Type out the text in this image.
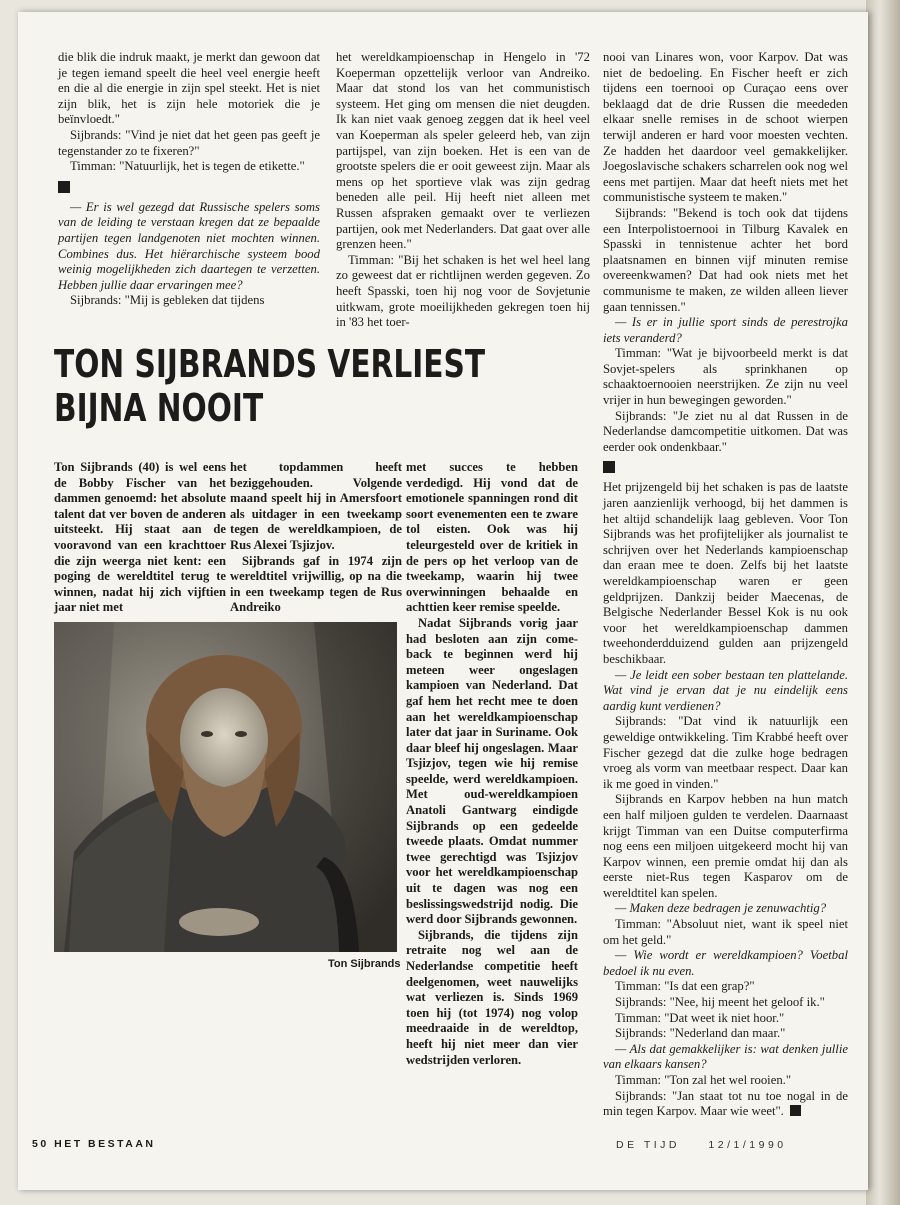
die blik die indruk maakt, je merkt dan gewoon dat je tegen iemand speelt die heel veel energie heeft en die al die energie in zijn spel steekt. Het is niet zijn blik, het is zijn hele motoriek die je beïnvloedt."

Sijbrands: "Vind je niet dat het geen pas geeft je tegenstander zo te fixeren?"

Timman: "Natuurlijk, het is tegen de etikette."

— Er is wel gezegd dat Russische spelers soms van de leiding te verstaan kregen dat ze bepaalde partijen tegen landgenoten niet mochten winnen. Combines dus. Het hiërarchische systeem bood weinig mogelijkheden zich daartegen te verzetten. Hebben jullie daar ervaringen mee?

Sijbrands: "Mij is gebleken dat tijdens

het wereldkampioenschap in Hengelo in '72 Koeperman opzettelijk verloor van Andreiko. Maar dat stond los van het communistisch systeem. Het ging om mensen die niet deugden. Ik kan niet vaak genoeg zeggen dat ik heel veel van Koeperman als speler geleerd heb, van zijn partijspel, van zijn boeken. Het is een van de grootste spelers die er ooit geweest zijn. Maar als mens op het sportieve vlak was zijn gedrag beneden alle peil. Hij heeft niet alleen met Russen afspraken gemaakt over te verliezen partijen, ook met Nederlanders. Dat gaat over alle grenzen heen."

Timman: "Bij het schaken is het wel heel lang zo geweest dat er richtlijnen werden gegeven. Zo heeft Spasski, toen hij nog voor de Sovjetunie uitkwam, grote moeilijkheden gekregen toen hij in '83 het toer-

nooi van Linares won, voor Karpov. Dat was niet de bedoeling. En Fischer heeft er zich tijdens een toernooi op Curaçao eens over beklaagd dat de drie Russen die meededen elkaar snelle remises in de schoot wierpen terwijl anderen er hard voor moesten vechten. Ze hadden het daardoor veel gemakkelijker. Joegoslavische schakers scharrelen ook nog wel eens met partijen. Maar dat heeft niets met het communistische systeem te maken."

Sijbrands: "Bekend is toch ook dat tijdens een Interpolistoernooi in Tilburg Kavalek en Spasski in tennistenue achter het bord plaatsnamen en binnen vijf minuten remise overeenkwamen? Dat had ook niets met het communisme te maken, ze wilden alleen liever gaan tennissen."

— Is er in jullie sport sinds de perestrojka iets veranderd?

Timman: "Wat je bijvoorbeeld merkt is dat Sovjet-spelers als sprinkhanen op schaaktoernooien neerstrijken. Ze zijn nu veel vrijer in hun bewegingen geworden."

Sijbrands: "Je ziet nu al dat Russen in de Nederlandse damcompetitie uitkomen. Dat was eerder ook ondenkbaar."

Het prijzengeld bij het schaken is pas de laatste jaren aanzienlijk verhoogd, bij het dammen is het altijd schandelijk laag gebleven. Voor Ton Sijbrands was het profijtelijker als journalist te schrijven over het Nederlands kampioenschap dan eraan mee te doen. Zelfs bij het laatste wereldkampioenschap waren er geen geldprijzen. Dankzij beider Maecenas, de Belgische Nederlander Bessel Kok is nu ook voor het wereldkampioenschap dammen tweehonderdduizend gulden aan prijzengeld beschikbaar.

— Je leidt een sober bestaan ten plattelande. Wat vind je ervan dat je nu eindelijk eens aardig kunt verdienen?

Sijbrands: "Dat vind ik natuurlijk een geweldige ontwikkeling. Tim Krabbé heeft over Fischer gezegd dat die zulke hoge bedragen vroeg als vorm van meetbaar respect. Daar kan ik me goed in vinden."

Sijbrands en Karpov hebben na hun match een half miljoen gulden te verdelen. Daarnaast krijgt Timman van een Duitse computerfirma nog eens een miljoen uitgekeerd mocht hij van Karpov winnen, een premie omdat hij dan als eerste niet-Rus tegen Kasparov om de wereldtitel kan spelen.

— Maken deze bedragen je zenuwachtig?

Timman: "Absoluut niet, want ik speel niet om het geld."

— Wie wordt er wereldkampioen? Voetbal bedoel ik nu even.

Timman: "Is dat een grap?"

Sijbrands: "Nee, hij meent het geloof ik."

Timman: "Dat weet ik niet hoor."

Sijbrands: "Nederland dan maar."

— Als dat gemakkelijker is: wat denken jullie van elkaars kansen?

Timman: "Ton zal het wel rooien."

Sijbrands: "Jan staat tot nu toe nogal in de min tegen Karpov. Maar wie weet".

TON SIJBRANDS VERLIEST
BIJNA NOOIT

Ton Sijbrands (40) is wel eens de Bobby Fischer van het dammen genoemd: het absolute talent dat ver boven de anderen uitsteekt. Hij staat aan de vooravond van een krachttoer die zijn weerga niet kent: een poging de wereldtitel terug te winnen, nadat hij zich vijftien jaar niet met

het topdammen heeft beziggehouden. Volgende maand speelt hij in Amersfoort als uitdager in een tweekamp tegen de wereldkampioen, de Rus Alexei Tsjizjov.

Sijbrands gaf in 1974 zijn wereldtitel vrijwillig, op na die in een tweekamp tegen de Rus Andreiko

met succes te hebben verdedigd. Hij vond dat de emotionele spanningen rond dit soort evenementen een te zware tol eisten. Ook was hij teleurgesteld over de kritiek in de pers op het verloop van de tweekamp, waarin hij twee overwinningen behaalde en achttien keer remise speelde.

Nadat Sijbrands vorig jaar had besloten aan zijn come-back te beginnen werd hij meteen weer ongeslagen kampioen van Nederland. Dat gaf hem het recht mee te doen aan het wereldkampioenschap later dat jaar in Suriname. Ook daar bleef hij ongeslagen. Maar Tsjizjov, tegen wie hij remise speelde, werd wereldkampioen. Met oud-wereldkampioen Anatoli Gantwarg eindigde Sijbrands op een gedeelde tweede plaats. Omdat nummer twee gerechtigd was Tsjizjov voor het wereldkampioenschap uit te dagen was nog een beslissingswedstrijd nodig. Die werd door Sijbrands gewonnen.

Sijbrands, die tijdens zijn retraite nog wel aan de Nederlandse competitie heeft deelgenomen, weet nauwelijks wat verliezen is. Sinds 1969 toen hij (tot 1974) nog volop meedraaide in de wereldtop, heeft hij niet meer dan vier wedstrijden verloren.

Ton Sijbrands
50 HET BESTAAN	DE TIJD	12/1/1990
